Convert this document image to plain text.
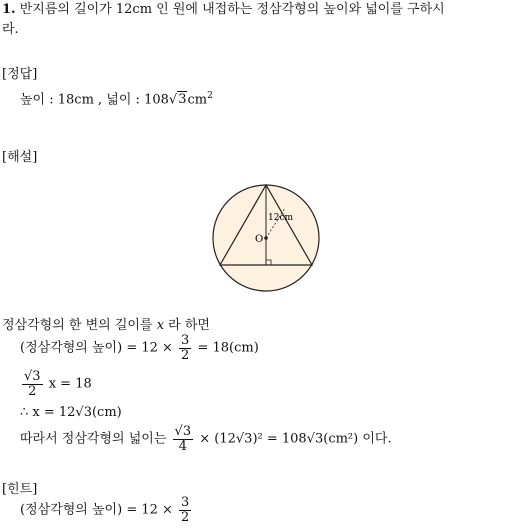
1. 반지름의 길이가 12cm 인 원에 내접하는 정삼각형의 높이와 넓이를 구하시
라.
[정답]
높이 : 18cm , 넓이 : $108√3cm^2$
[해설]
O
12cm
정삼각형의 한 변의 길이를 x 라 하면
(정삼각형의 높이) = $12 \times \frac{3}{2} = 18(cm)$
$\frac{√3}{2}$ x = 18
∴ x = 12√3(cm)
따라서 정삼각형의 넓이는 $\frac{√3}{4} \times (12√3)^2 = 108√3(cm^2)$ 이다.
[힌트]
(정삼각형의 높이) = $12 \times \frac{3}{2}$
